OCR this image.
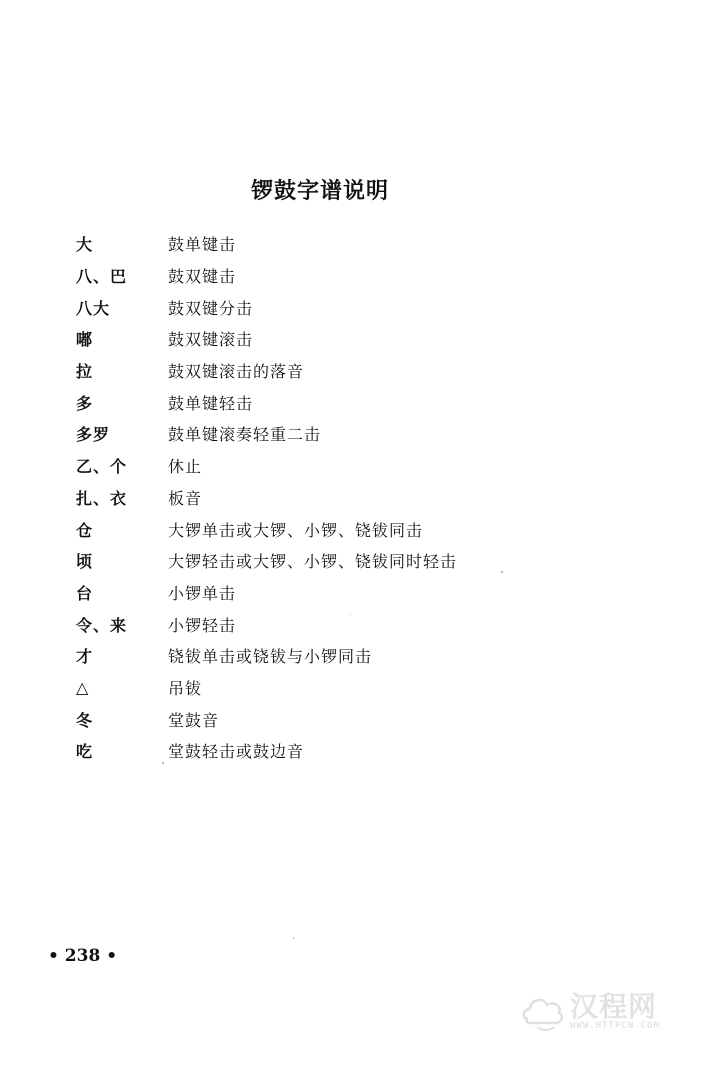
锣鼓字谱说明
大	鼓单键击
八、巴	鼓双键击
八大	鼓双键分击
嘟	鼓双键滚击
拉	鼓双键滚击的落音
多	鼓单键轻击
多罗	鼓单键滚奏轻重二击
乙、个	休止
扎、衣	板音
仓	大锣单击或大锣、小锣、铙钹同击
顷	大锣轻击或大锣、小锣、铙钹同时轻击
台	小锣单击
令、来	小锣轻击
才	铙钹单击或铙钹与小锣同击
△	吊钹
冬	堂鼓音
吃	堂鼓轻击或鼓边音
• 238 •
汉程网
WWW.HTTPCN.COM
